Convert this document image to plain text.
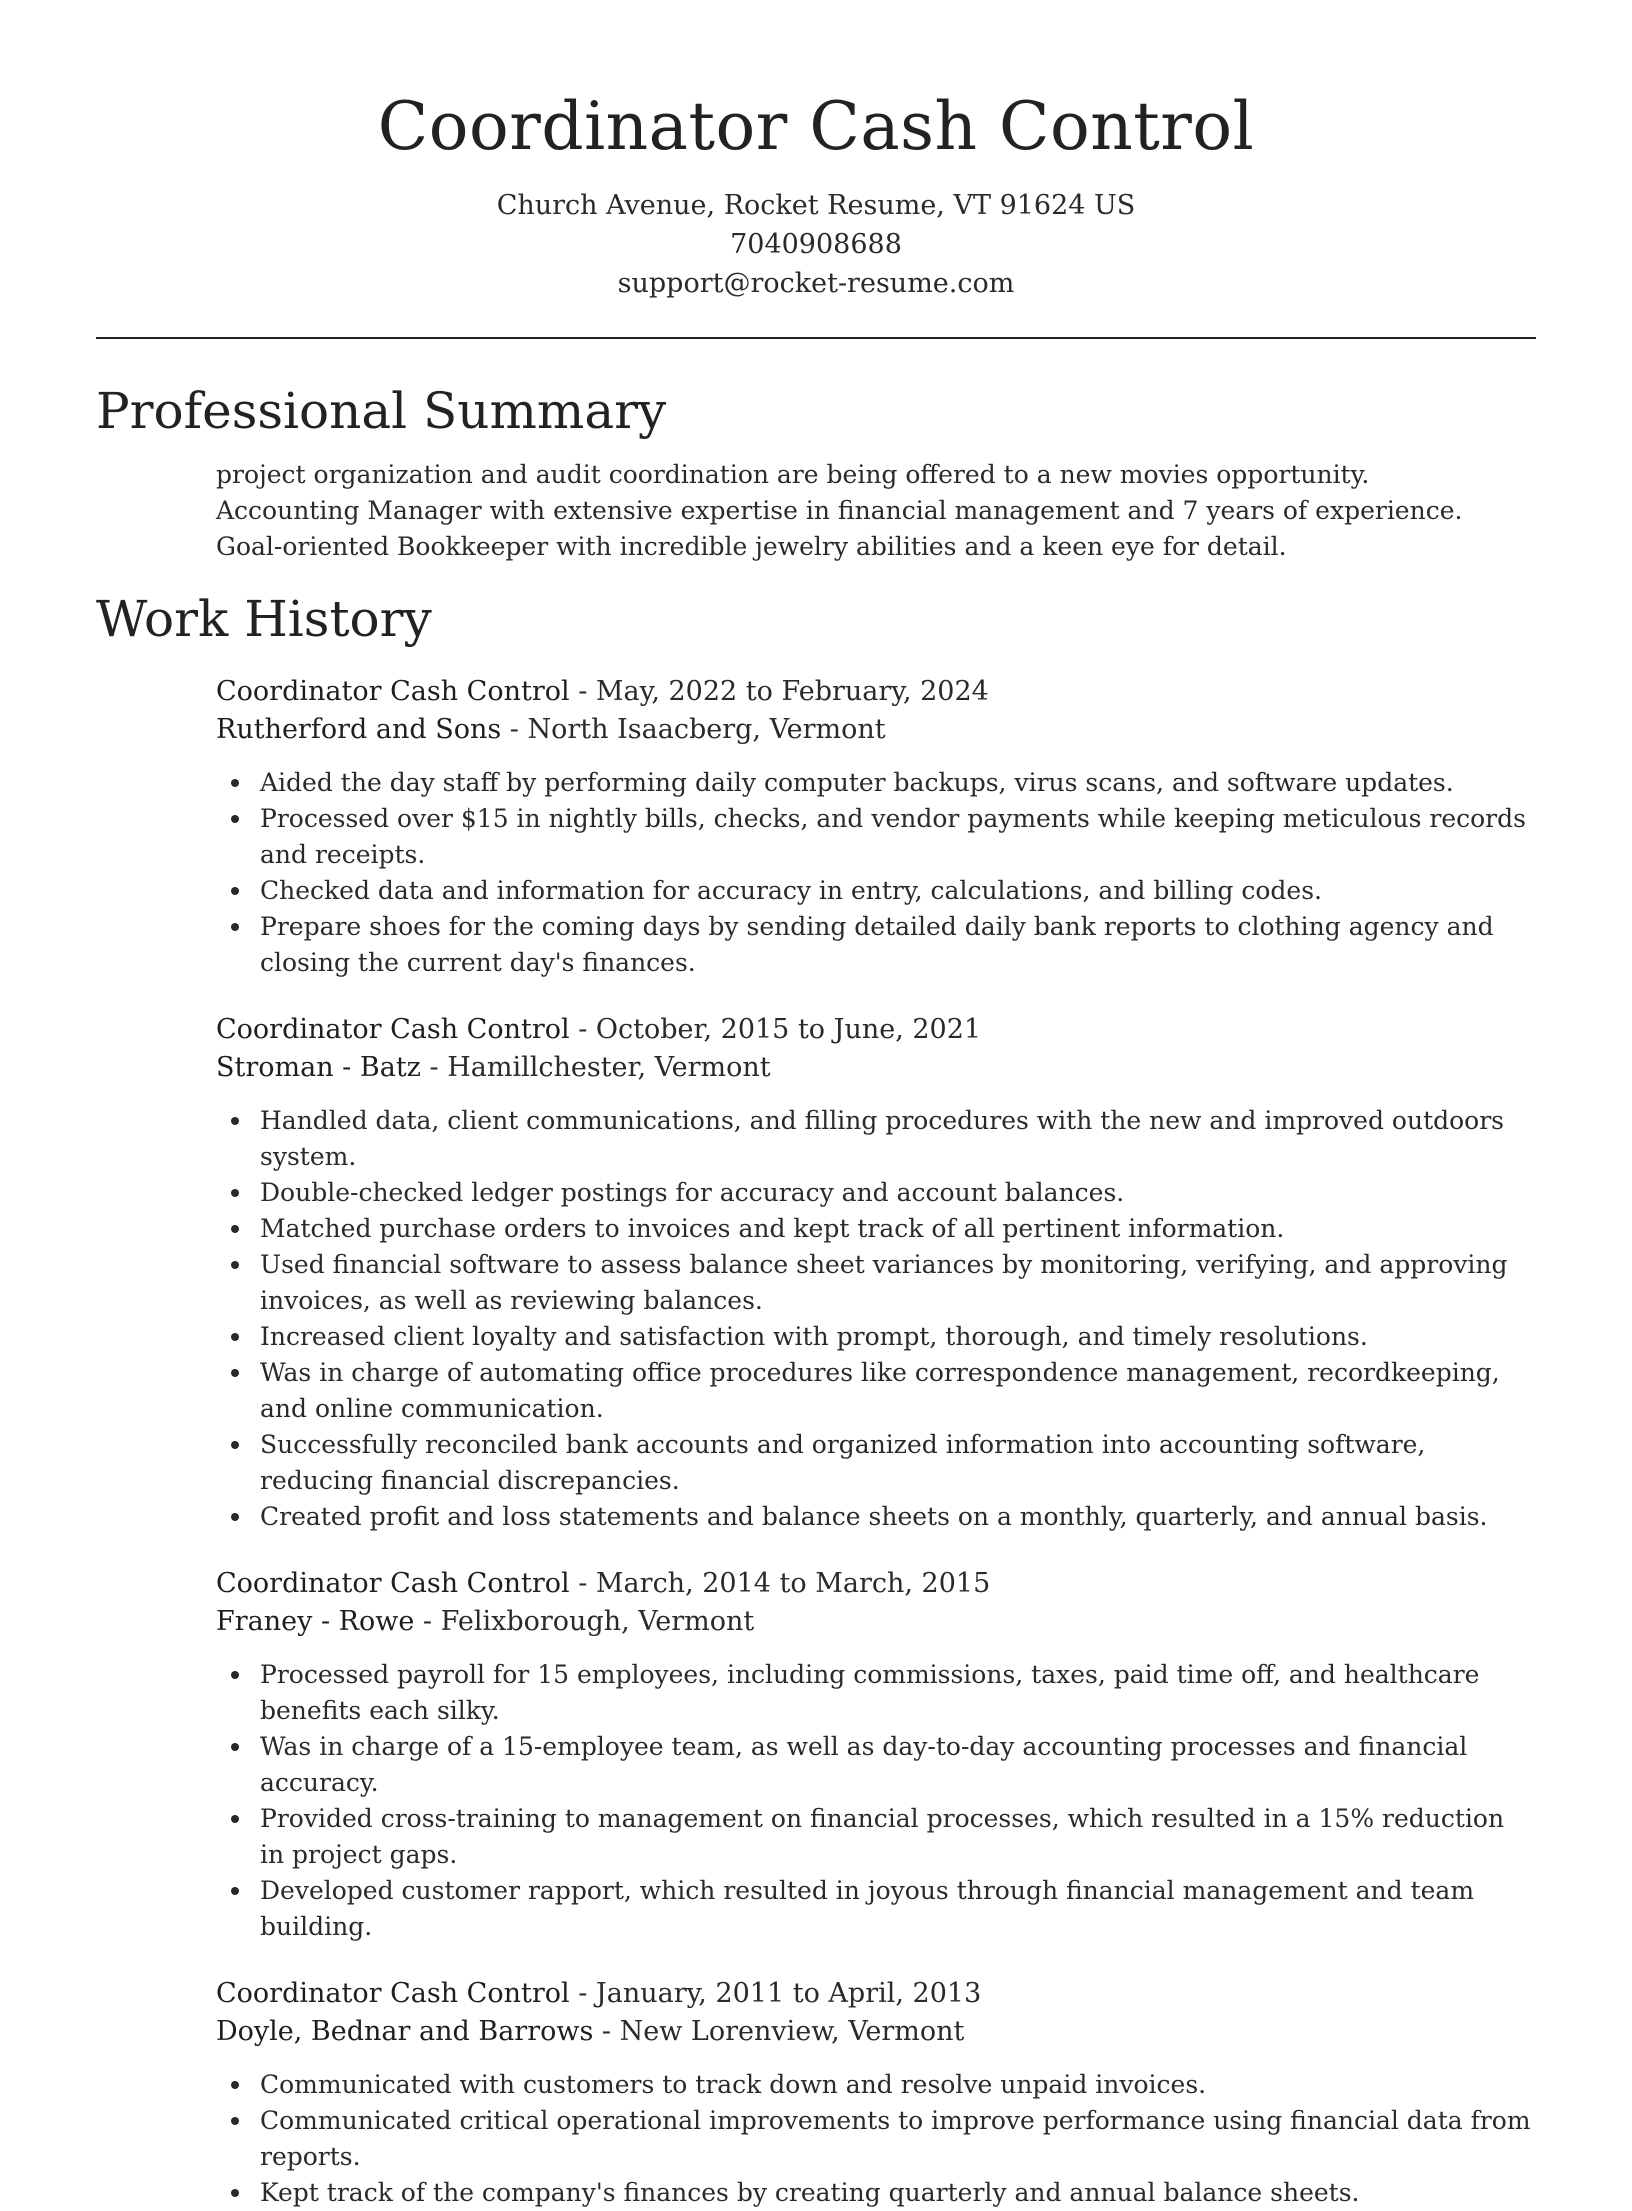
Coordinator Cash Control
Church Avenue, Rocket Resume, VT 91624 US
7040908688
support@rocket-resume.com
Professional Summary

project organization and audit coordination are being offered to a new movies opportunity. Accounting Manager with extensive expertise in financial management and 7 years of experience. Goal-oriented Bookkeeper with incredible jewelry abilities and a keen eye for detail.

Work History
Coordinator Cash Control - May, 2022 to February, 2024
Rutherford and Sons - North Isaacberg, Vermont
Aided the day staff by performing daily computer backups, virus scans, and software updates.
Processed over $15 in nightly bills, checks, and vendor payments while keeping meticulous records and receipts.
Checked data and information for accuracy in entry, calculations, and billing codes.
Prepare shoes for the coming days by sending detailed daily bank reports to clothing agency and closing the current day's finances.
Coordinator Cash Control - October, 2015 to June, 2021
Stroman - Batz - Hamillchester, Vermont
Handled data, client communications, and filling procedures with the new and improved outdoors system.
Double-checked ledger postings for accuracy and account balances.
Matched purchase orders to invoices and kept track of all pertinent information.
Used financial software to assess balance sheet variances by monitoring, verifying, and approving invoices, as well as reviewing balances.
Increased client loyalty and satisfaction with prompt, thorough, and timely resolutions.
Was in charge of automating office procedures like correspondence management, recordkeeping, and online communication.
Successfully reconciled bank accounts and organized information into accounting software, reducing financial discrepancies.
Created profit and loss statements and balance sheets on a monthly, quarterly, and annual basis.
Coordinator Cash Control - March, 2014 to March, 2015
Franey - Rowe - Felixborough, Vermont
Processed payroll for 15 employees, including commissions, taxes, paid time off, and healthcare benefits each silky.
Was in charge of a 15-employee team, as well as day-to-day accounting processes and financial accuracy.
Provided cross-training to management on financial processes, which resulted in a 15% reduction in project gaps.
Developed customer rapport, which resulted in joyous through financial management and team building.
Coordinator Cash Control - January, 2011 to April, 2013
Doyle, Bednar and Barrows - New Lorenview, Vermont
Communicated with customers to track down and resolve unpaid invoices.
Communicated critical operational improvements to improve performance using financial data from reports.
Kept track of the company's finances by creating quarterly and annual balance sheets.
